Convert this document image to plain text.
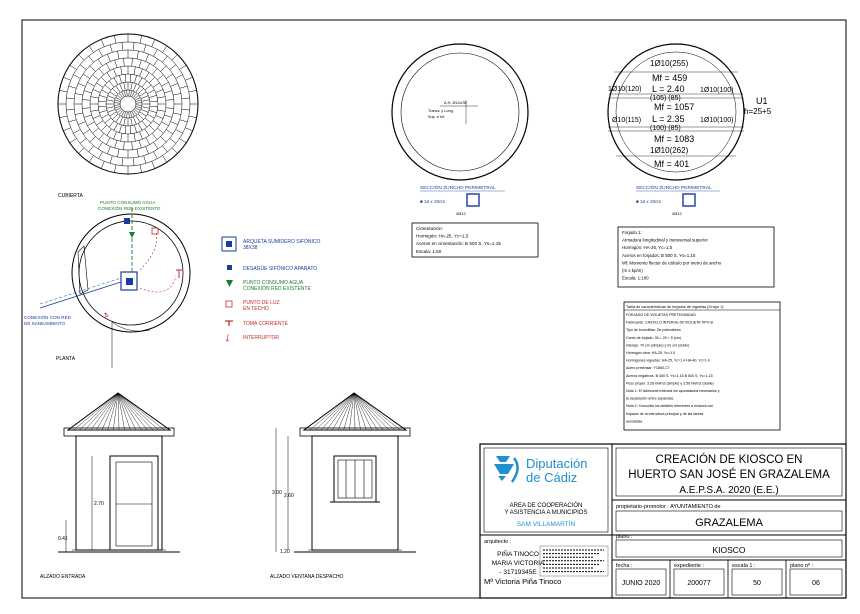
CUBIERTA
Ѣ
PUNTO CONSUMO AGUA
CONEXIÓN RED EXISTENTE
CONEXIÓN CON RED
DE SANEAMIENTO
PLANTA
ʆ
ARQUETA SUMIDERO SIFÓNICO
38X38
DESAGÜE SIFÓNICO APARATO
PUNTO CONSUMO AGUA
CONEXIÓN RED EXISTENTE
PUNTO DE LUZ
EN TECHO
TOMA CORRIENTE
INTERRUPTOR
A.H. Ø12c/30
Transv. y Long.
Sup. e Inf.
SECCIÓN ZUNCHO PERIMETRAL
■ 16 x 20cm
4Ø12
Cimentación:
Hormigón: HA-25, Yc=1.5
Aceros en cimentación: B 500 S, Ys=1.15
Escala: 1:50
1Ø10(255)
1Ø10(120)
Mf = 459
L = 2.40 1Ø10(100)
(105) (85)
Mf = 1057
Ø10(115) L = 2.35 1Ø10(100)
(100) (85)
Mf = 1083
1Ø10(262)
Mf = 401
U1
h=25+5
SECCIÓN ZUNCHO PERIMETRAL
■ 16 x 20cm
4Ø12
Forjado 1:
Armadura longitudinal y transversal superior
Hormigón: HA-25, Yc=1.5
Aceros en forjados: B 500 S, Ys=1.15
Mf: Momento flector de cálculo por metro de ancho
(m x kp/m)
Escala: 1:100
Tabla de características de forjados de viguetas (Grupo 1)
FORJADO DE VIGUETAS PRETENSADAS
Fabricante: CASTELO INTERIJE-50 VIGUETA TIPO B
Tipo de bovedillas: De poliestireno
Canto de forjado: 30 = 25 + 5 (cm)
Intereje: 70 cm (simple) y 81 cm (doble)
Hormigón obra: HA-25, Yc=1.5
Hormigones viguetas: HA-25, Yc=1.4 HA-40, Yc=1.4
Acero pretensar: Y1860-C7
Aceros negativos: B 400 S, Ys=1.15 B 500 S, Ys=1.15
Peso propio: 3.26 kN/m2 (simple) y 3.56 kN/m2 (doble)
Nota 1: El fabricante indicará los apuntalados necesarios y
la separación entre sopandas.
Nota 2: Consultar los detalles referentes a enlaces con
forjados de la estructura principal y de las tareas
asociadas.
2.70
0.41
ALZADO ENTRADA
3.00 2.60
1.20
ALZADO VENTANA DESPACHO
Diputación
de Cádiz
AREA DE COOPERACIÓN
Y ASISTENCIA A MUNICIPIOS
SAM VILLAMARTÍN
CREACIÓN DE KIOSCO EN
HUERTO SAN JOSÉ EN GRAZALEMA
A.E.P.S.A. 2020 (E.E.)
propietario-promotor : AYUNTAMIENTO de
GRAZALEMA
arquitecto :
PIÑA TINOCO
MARIA VICTORIA
- 31719345E
Mª Victoria Piña Tinoco
plano :
KIOSCO
fecha :
JUNIO 2020
expediente :
200077
escala 1 :
50
plano nº :
06
